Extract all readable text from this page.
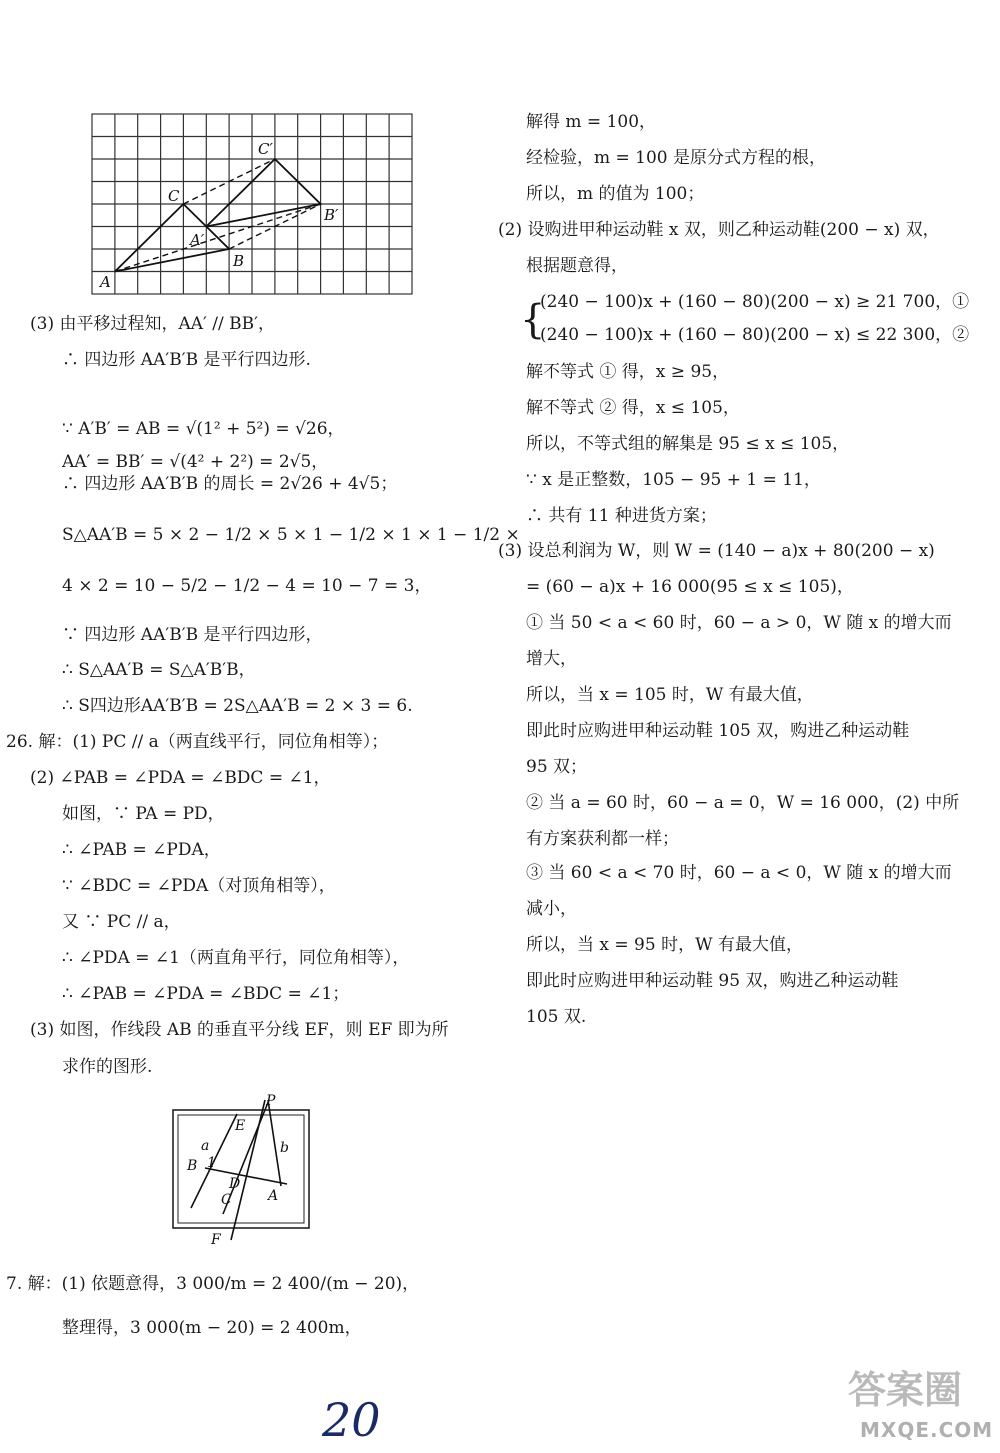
C′
C
B′
A′
B
A
(3) 由平移过程知，AA′ // BB′，
∴ 四边形 AA′B′B 是平行四边形.
∵ A′B′ = AB = √(1² + 5²) = √26，
AA′ = BB′ = √(4² + 2²) = 2√5，
∴ 四边形 AA′B′B 的周长 = 2√26 + 4√5；
S△AA′B = 5 × 2 − 1/2 × 5 × 1 − 1/2 × 1 × 1 − 1/2 ×
4 × 2 = 10 − 5/2 − 1/2 − 4 = 10 − 7 = 3，
∵ 四边形 AA′B′B 是平行四边形，
∴ S△AA′B = S△A′B′B，
∴ S四边形AA′B′B = 2S△AA′B = 2 × 3 = 6.
26. 解：(1) PC // a（两直线平行，同位角相等）；
(2) ∠PAB = ∠PDA = ∠BDC = ∠1，
如图，∵ PA = PD，
∴ ∠PAB = ∠PDA，
∵ ∠BDC = ∠PDA（对顶角相等），
又 ∵ PC // a，
∴ ∠PDA = ∠1（两直角平行，同位角相等），
∴ ∠PAB = ∠PDA = ∠BDC = ∠1；
(3) 如图，作线段 AB 的垂直平分线 EF，则 EF 即为所
求作的图形.
7. 解：(1) 依题意得，3 000/m = 2 400/(m − 20)，
整理得，3 000(m − 20) = 2 400m，
P
E
a	b
B 1
D
C	A
F
解得 m = 100，
经检验，m = 100 是原分式方程的根，
所以，m 的值为 100；
(2) 设购进甲种运动鞋 x 双，则乙种运动鞋(200 − x) 双，
根据题意得，
{
(240 − 100)x + (160 − 80)(200 − x) ≥ 21 700，①
(240 − 100)x + (160 − 80)(200 − x) ≤ 22 300，②
解不等式 ① 得，x ≥ 95，
解不等式 ② 得，x ≤ 105，
所以，不等式组的解集是 95 ≤ x ≤ 105，
∵ x 是正整数，105 − 95 + 1 = 11，
∴ 共有 11 种进货方案；
(3) 设总利润为 W，则 W = (140 − a)x + 80(200 − x)
= (60 − a)x + 16 000(95 ≤ x ≤ 105)，
① 当 50 < a < 60 时，60 − a > 0，W 随 x 的增大而
增大，
所以，当 x = 105 时，W 有最大值，
即此时应购进甲种运动鞋 105 双，购进乙种运动鞋
95 双；
② 当 a = 60 时，60 − a = 0，W = 16 000，(2) 中所
有方案获利都一样；
③ 当 60 < a < 70 时，60 − a < 0，W 随 x 的增大而
减小，
所以，当 x = 95 时，W 有最大值，
即此时应购进甲种运动鞋 95 双，购进乙种运动鞋
105 双.
20
答案圈
MXQE.COM
